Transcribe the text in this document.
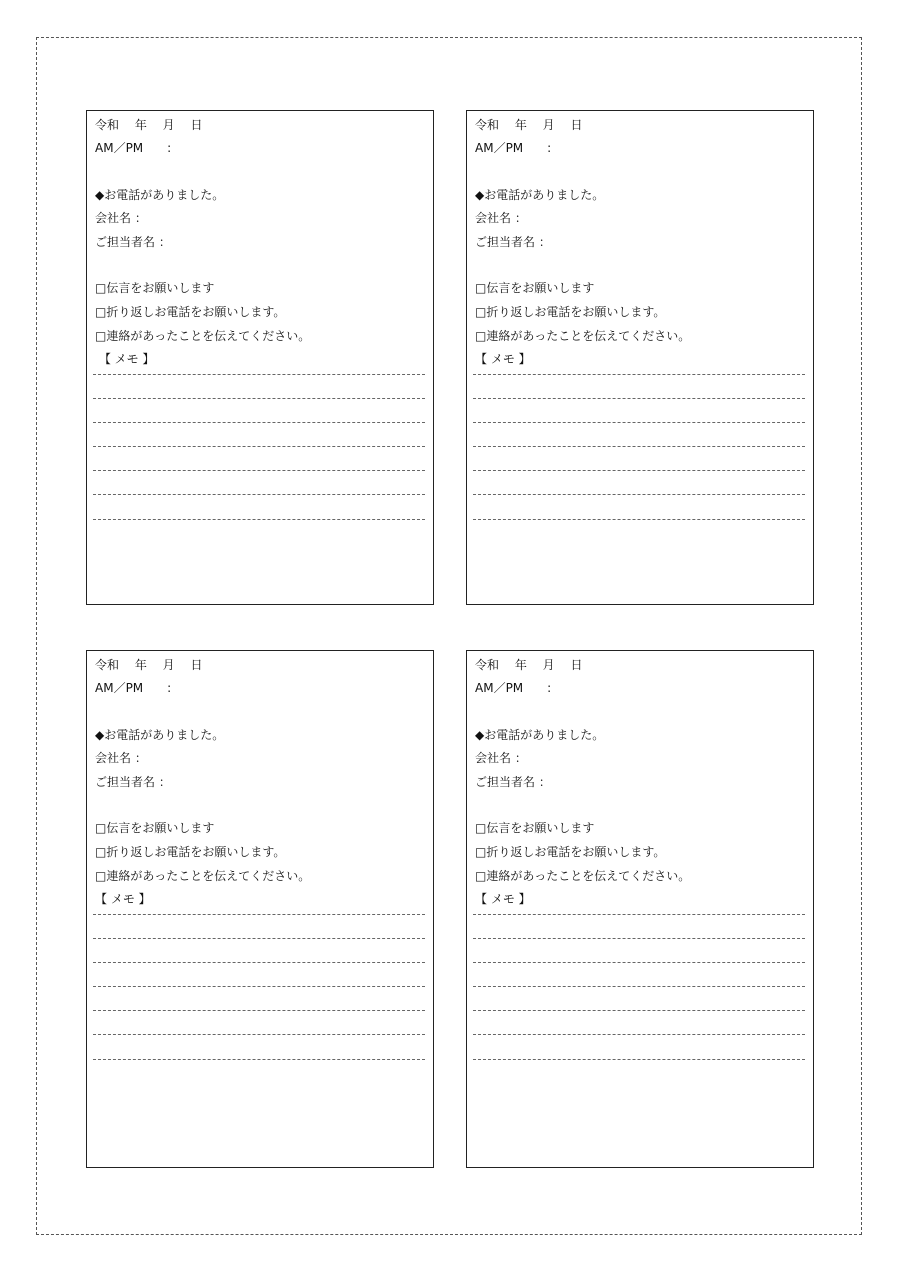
令和　 年 　月 　日
AM／PM　　:
◆お電話がありました。
会社名 ：
ご担当者名 ：
□伝言をお願いします
□折り返しお電話をお願いします。
□連絡があったことを伝えてください。
【 メモ 】
令和　 年 　月 　日
AM／PM　　:
◆お電話がありました。
会社名 ：
ご担当者名 ：
□伝言をお願いします
□折り返しお電話をお願いします。
□連絡があったことを伝えてください。
【 メモ 】
令和　 年 　月 　日
AM／PM　　:
◆お電話がありました。
会社名 ：
ご担当者名 ：
□伝言をお願いします
□折り返しお電話をお願いします。
□連絡があったことを伝えてください。
【 メモ 】
令和　 年 　月 　日
AM／PM　　:
◆お電話がありました。
会社名 ：
ご担当者名 ：
□伝言をお願いします
□折り返しお電話をお願いします。
□連絡があったことを伝えてください。
【 メモ 】
